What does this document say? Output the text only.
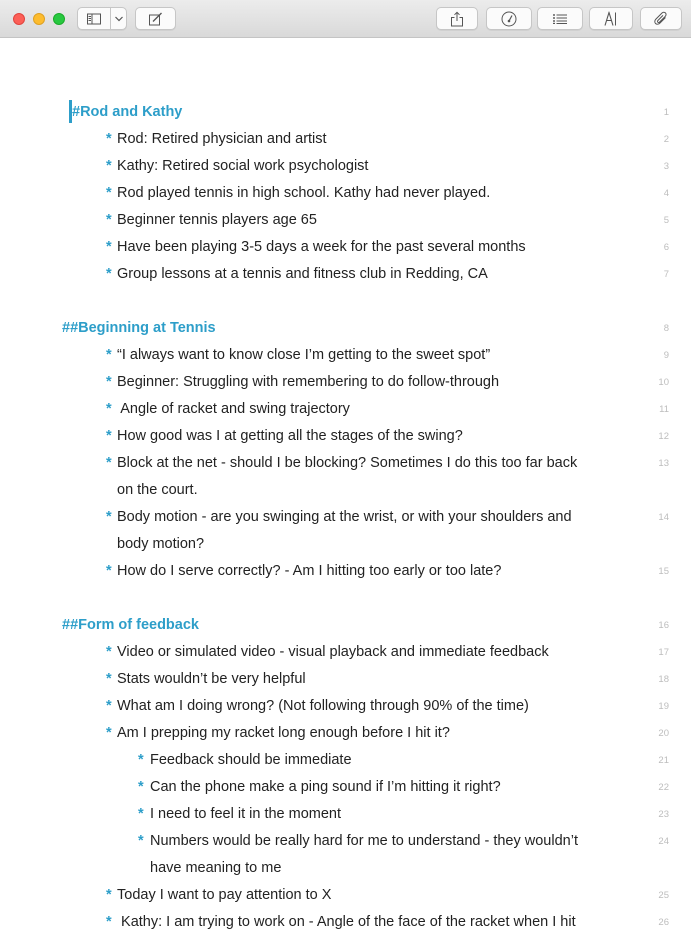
#Rod and Kathy	1
* Rod: Retired physician and artist	2
* Kathy: Retired social work psychologist	3
* Rod played tennis in high school. Kathy had never played.	4
* Beginner tennis players age 65	5
* Have been playing 3-5 days a week for the past several months	6
* Group lessons at a tennis and fitness club in Redding, CA	7
##Beginning at Tennis	8
* “I always want to know close I’m getting to the sweet spot”	9
* Beginner: Struggling with remembering to do follow-through	10
* Angle of racket and swing trajectory	11
* How good was I at getting all the stages of the swing?	12
* Block at the net - should I be blocking? Sometimes I do this too far back	13
on the court.
* Body motion - are you swinging at the wrist, or with your shoulders and	14
body motion?
* How do I serve correctly? - Am I hitting too early or too late?	15
##Form of feedback	16
* Video or simulated video - visual playback and immediate feedback	17
* Stats wouldn’t be very helpful	18
* What am I doing wrong? (Not following through 90% of the time)	19
* Am I prepping my racket long enough before I hit it?	20
* Feedback should be immediate	21
* Can the phone make a ping sound if I’m hitting it right?	22
* I need to feel it in the moment	23
* Numbers would be really hard for me to understand - they wouldn’t	24
have meaning to me
* Today I want to pay attention to X	25
* Kathy: I am trying to work on - Angle of the face of the racket when I hit	26
